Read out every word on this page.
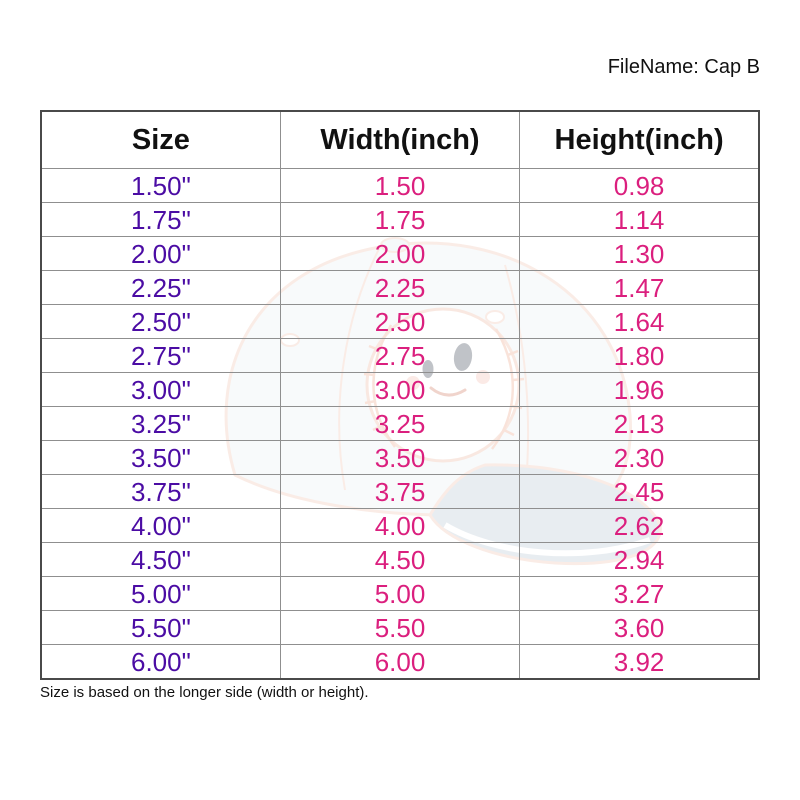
FileName: Cap B
Size	Width(inch)	Height(inch)
1.50"	1.50	0.98
1.75"	1.75	1.14
2.00"	2.00	1.30
2.25"	2.25	1.47
2.50"	2.50	1.64
2.75"	2.75	1.80
3.00"	3.00	1.96
3.25"	3.25	2.13
3.50"	3.50	2.30
3.75"	3.75	2.45
4.00"	4.00	2.62
4.50"	4.50	2.94
5.00"	5.00	3.27
5.50"	5.50	3.60
6.00"	6.00	3.92
Size is based on the longer side (width or height).
